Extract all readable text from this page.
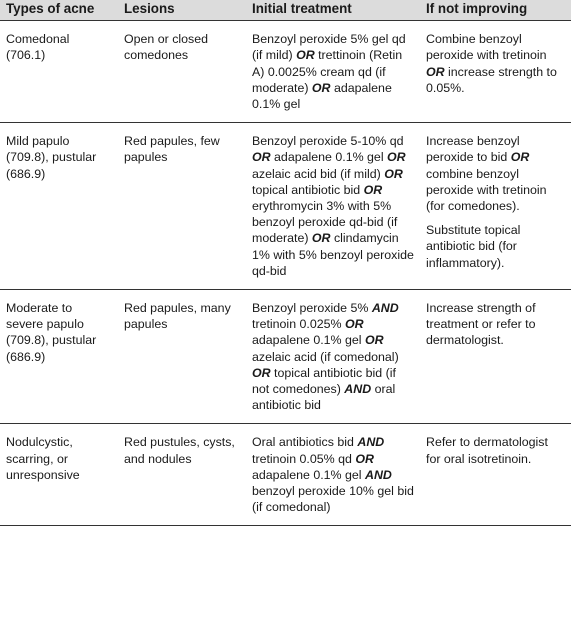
Types of acne	Lesions	Initial treatment	If not improving

Comedonal (706.1)	Open or closed comedones	Benzoyl peroxide 5% gel qd (if mild) OR trettinoin (Retin A) 0.0025% cream qd (if moderate) OR adapalene 0.1% gel	Combine benzoyl peroxide with tretinoin OR increase strength to 0.05%.

Mild papulo (709.8), pustular (686.9)	Red papules, few papules	Benzoyl peroxide 5-10% qd OR adapalene 0.1% gel OR azelaic acid bid (if mild) OR topical antibiotic bid OR erythromycin 3% with 5% benzoyl peroxide qd-bid (if moderate) OR clindamycin 1% with 5% benzoyl peroxide qd-bid	Increase benzoyl peroxide to bid OR combine benzoyl peroxide with tretinoin (for comedones).
Substitute topical antibiotic bid (for inflammatory).

Moderate to severe papulo (709.8), pustular (686.9)	Red papules, many papules	Benzoyl peroxide 5% AND tretinoin 0.025% OR adapalene 0.1% gel OR azelaic acid (if comedonal) OR topical antibiotic bid (if not comedones) AND oral antibiotic bid	Increase strength of treatment or refer to dermatologist.

Nodulcystic, scarring, or unresponsive	Red pustules, cysts, and nodules	Oral antibiotics bid AND tretinoin 0.05% qd OR adapalene 0.1% gel AND benzoyl peroxide 10% gel bid (if comedonal)	Refer to dermatologist for oral isotretinoin.
